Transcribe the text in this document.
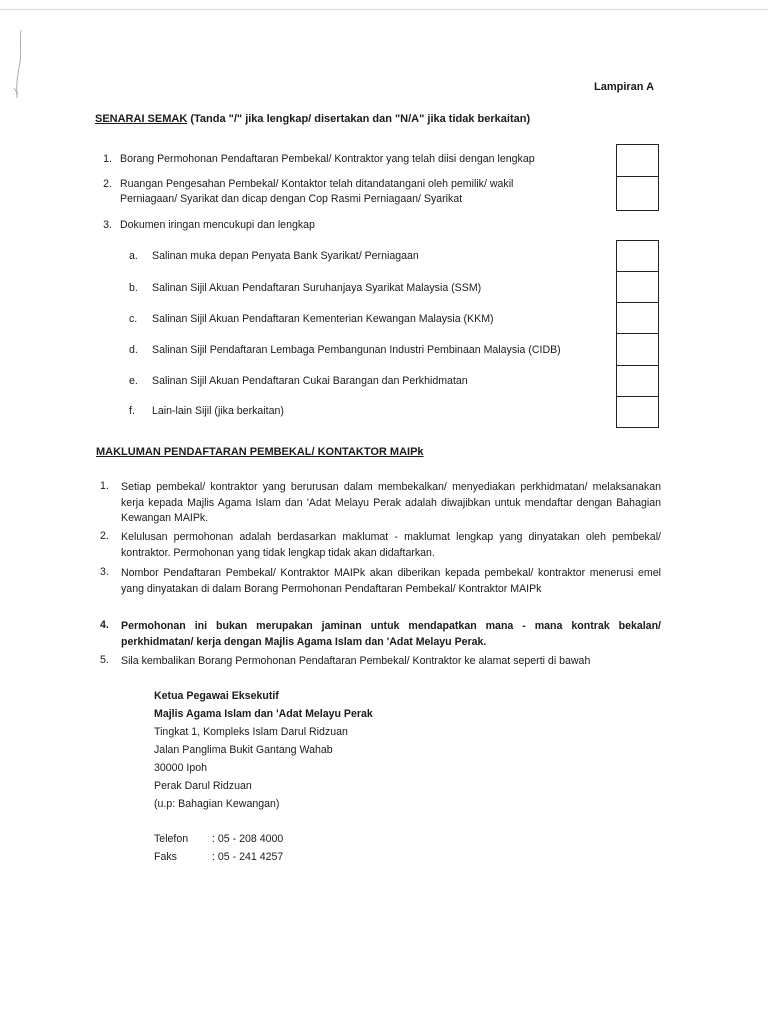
Lampiran A
SENARAI SEMAK (Tanda "/" jika lengkap/ disertakan dan "N/A" jika tidak berkaitan)
1. Borang Permohonan Pendaftaran Pembekal/ Kontraktor yang telah diisi dengan lengkap
2. Ruangan Pengesahan Pembekal/ Kontaktor telah ditandatangani oleh pemilik/ wakil
Perniagaan/ Syarikat dan dicap dengan Cop Rasmi Perniagaan/ Syarikat
3. Dokumen iringan mencukupi dan lengkap
a. Salinan muka depan Penyata Bank Syarikat/ Perniagaan
b. Salinan Sijil Akuan Pendaftaran Suruhanjaya Syarikat Malaysia (SSM)
c. Salinan Sijil Akuan Pendaftaran Kementerian Kewangan Malaysia (KKM)
d. Salinan Sijil Pendaftaran Lembaga Pembangunan Industri Pembinaan Malaysia (CIDB)
e. Salinan Sijil Akuan Pendaftaran Cukai Barangan dan Perkhidmatan
f. Lain-lain Sijil (jika berkaitan)
MAKLUMAN PENDAFTARAN PEMBEKAL/ KONTAKTOR MAIPk
1. Setiap pembekal/ kontraktor yang berurusan dalam membekalkan/ menyediakan perkhidmatan/ melaksanakan kerja kepada Majlis Agama Islam dan 'Adat Melayu Perak adalah diwajibkan untuk mendaftar dengan Bahagian Kewangan MAIPk.
2. Kelulusan permohonan adalah berdasarkan maklumat - maklumat lengkap yang dinyatakan oleh pembekal/ kontraktor. Permohonan yang tidak lengkap tidak akan didaftarkan.
3. Nombor Pendaftaran Pembekal/ Kontraktor MAIPk akan diberikan kepada pembekal/ kontraktor menerusi emel yang dinyatakan di dalam Borang Permohonan Pendaftaran Pembekal/ Kontraktor MAIPk
4. Permohonan ini bukan merupakan jaminan untuk mendapatkan mana - mana kontrak bekalan/ perkhidmatan/ kerja dengan Majlis Agama Islam dan 'Adat Melayu Perak.
5. Sila kembalikan Borang Permohonan Pendaftaran Pembekal/ Kontraktor ke alamat seperti di bawah
Ketua Pegawai Eksekutif
Majlis Agama Islam dan 'Adat Melayu Perak
Tingkat 1, Kompleks Islam Darul Ridzuan
Jalan Panglima Bukit Gantang Wahab
30000 Ipoh
Perak Darul Ridzuan
(u.p: Bahagian Kewangan)
Telefon : 05 - 208 4000
Faks	: 05 - 241 4257
